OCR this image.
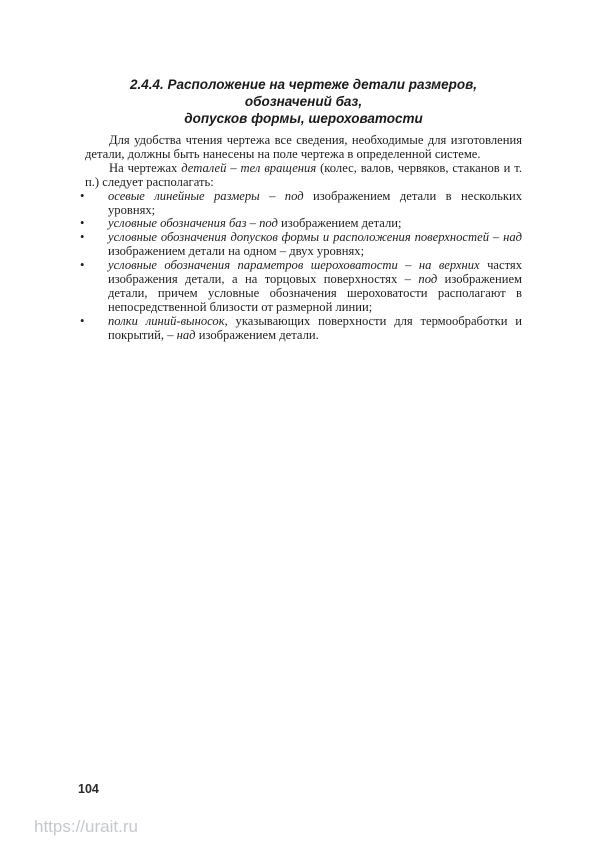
2.4.4. Расположение на чертеже детали размеров, обозначений баз,
допусков формы, шероховатости

Для удобства чтения чертежа все сведения, необходимые для изготовления детали, должны быть нанесены на поле чертежа в определенной системе.

На чертежах деталей – тел вращения (колес, валов, червяков, стаканов и т. п.) следует располагать:

• осевые линейные размеры – под изображением детали в нескольких уровнях;
• условные обозначения баз – под изображением детали;
• условные обозначения допусков формы и расположения поверхностей – над изображением детали на одном – двух уровнях;
• условные обозначения параметров шероховатости – на верхних частях изображения детали, а на торцовых поверхностях – под изображением детали, причем условные обозначения шероховатости располагают в непосредственной близости от размерной линии;
• полки линий-выносок, указывающих поверхности для термообработки и покрытий, – над изображением детали.
104
https://urait.ru
